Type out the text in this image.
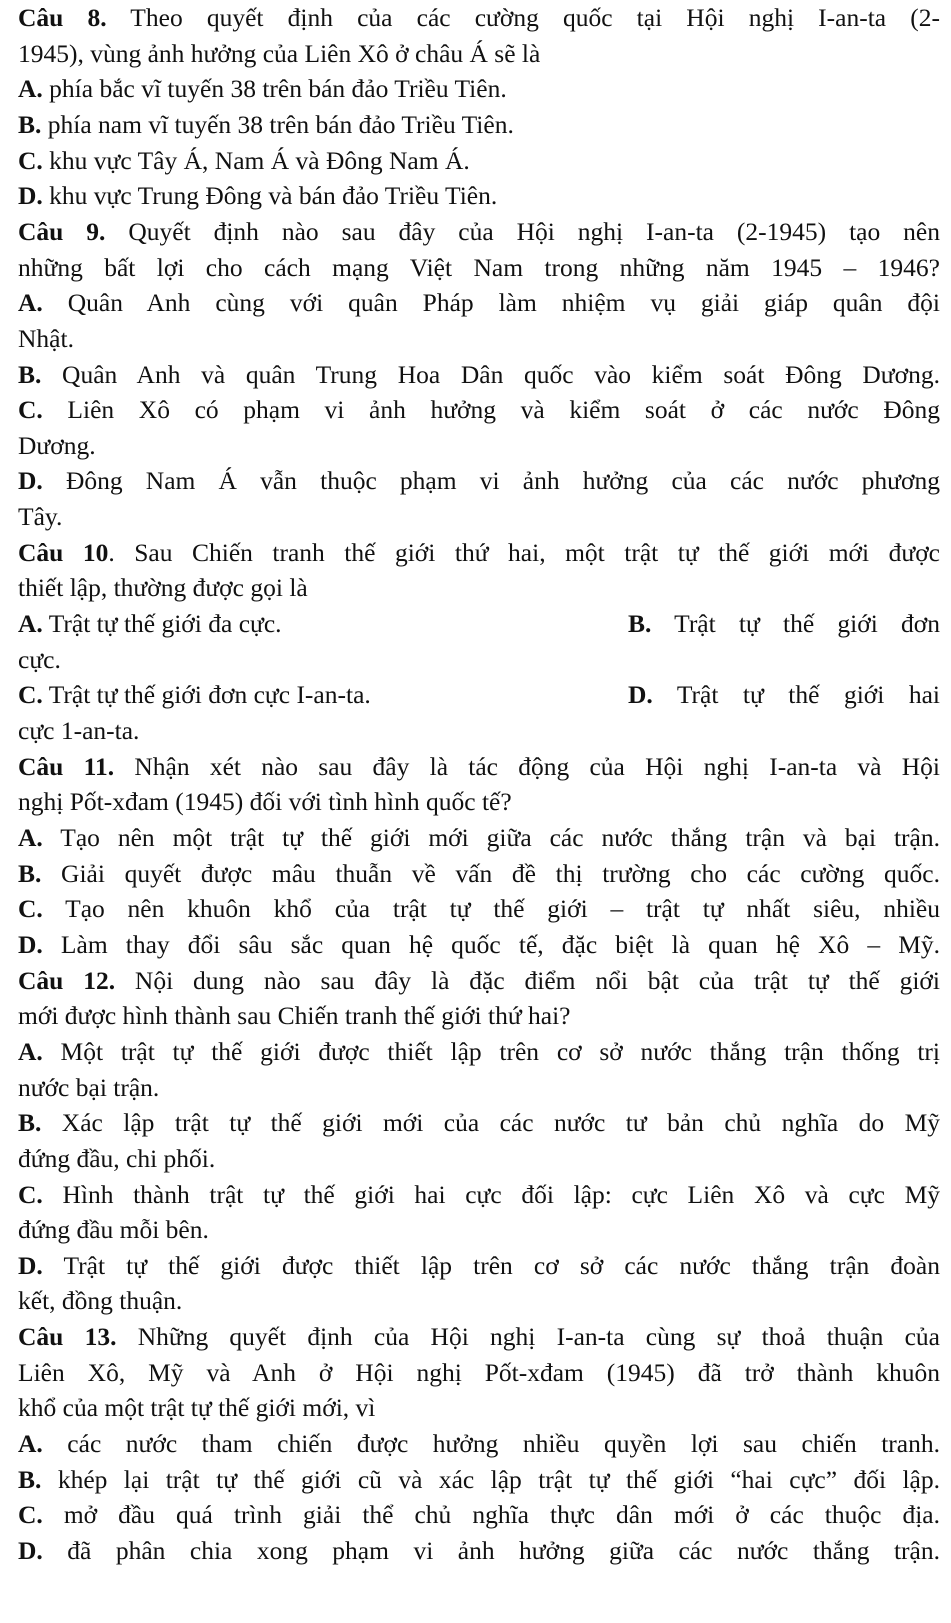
Câu 8. Theo quyết định của các cường quốc tại Hội nghị I-an-ta (2-
1945), vùng ảnh hưởng của Liên Xô ở châu Á sẽ là
A. phía bắc vĩ tuyến 38 trên bán đảo Triều Tiên.
B. phía nam vĩ tuyến 38 trên bán đảo Triều Tiên.
C. khu vực Tây Á, Nam Á và Đông Nam Á.
D. khu vực Trung Đông và bán đảo Triều Tiên.
Câu 9. Quyết định nào sau đây của Hội nghị I-an-ta (2-1945) tạo nên
những bất lợi cho cách mạng Việt Nam trong những năm 1945 – 1946?
A. Quân Anh cùng với quân Pháp làm nhiệm vụ giải giáp quân đội
Nhật.
B. Quân Anh và quân Trung Hoa Dân quốc vào kiểm soát Đông Dương.
C. Liên Xô có phạm vi ảnh hưởng và kiểm soát ở các nước Đông
Dương.
D. Đông Nam Á vẫn thuộc phạm vi ảnh hưởng của các nước phương
Tây.
Câu 10. Sau Chiến tranh thế giới thứ hai, một trật tự thế giới mới được
thiết lập, thường được gọi là
A. Trật tự thế giới đa cực.	B. Trật tự thế giới đơn
cực.
C. Trật tự thế giới đơn cực I-an-ta.	D. Trật tự thế giới hai
cực 1-an-ta.
Câu 11. Nhận xét nào sau đây là tác động của Hội nghị I-an-ta và Hội
nghị Pốt-xđam (1945) đối với tình hình quốc tế?
A. Tạo nên một trật tự thế giới mới giữa các nước thắng trận và bại trận.
B. Giải quyết được mâu thuẫn về vấn đề thị trường cho các cường quốc.
C. Tạo nên khuôn khổ của trật tự thế giới – trật tự nhất siêu, nhiều
D. Làm thay đổi sâu sắc quan hệ quốc tế, đặc biệt là quan hệ Xô – Mỹ.
Câu 12. Nội dung nào sau đây là đặc điểm nổi bật của trật tự thế giới
mới được hình thành sau Chiến tranh thế giới thứ hai?
A. Một trật tự thế giới được thiết lập trên cơ sở nước thắng trận thống trị
nước bại trận.
B. Xác lập trật tự thế giới mới của các nước tư bản chủ nghĩa do Mỹ
đứng đầu, chi phối.
C. Hình thành trật tự thế giới hai cực đối lập: cực Liên Xô và cực Mỹ
đứng đầu mỗi bên.
D. Trật tự thế giới được thiết lập trên cơ sở các nước thắng trận đoàn
kết, đồng thuận.
Câu 13. Những quyết định của Hội nghị I-an-ta cùng sự thoả thuận của
Liên Xô, Mỹ và Anh ở Hội nghị Pốt-xđam (1945) đã trở thành khuôn
khổ của một trật tự thế giới mới, vì
A. các nước tham chiến được hưởng nhiều quyền lợi sau chiến tranh.
B. khép lại trật tự thế giới cũ và xác lập trật tự thế giới “hai cực” đối lập.
C. mở đầu quá trình giải thể chủ nghĩa thực dân mới ở các thuộc địa.
D. đã phân chia xong phạm vi ảnh hưởng giữa các nước thắng trận.
